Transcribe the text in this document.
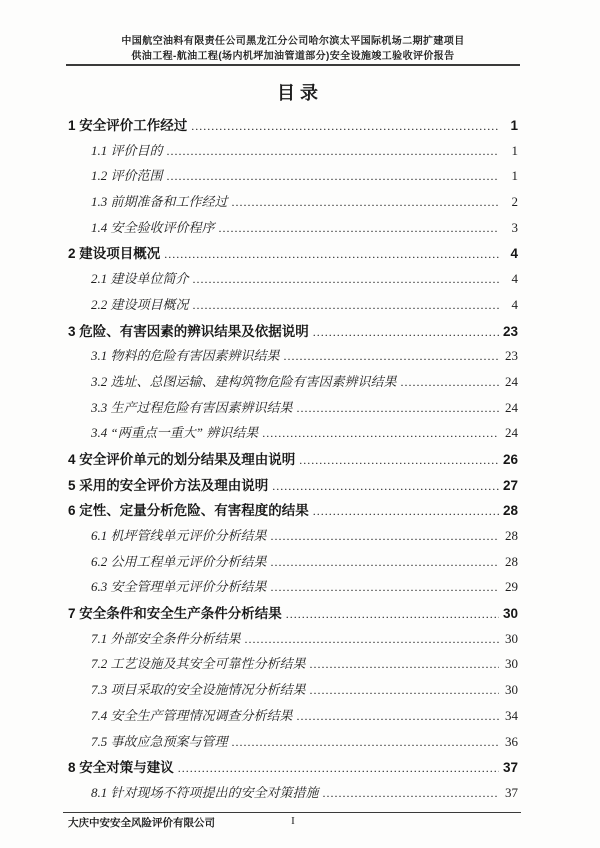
中国航空油料有限责任公司黑龙江分公司哈尔滨太平国际机场二期扩建项目
供油工程-航油工程(场内机坪加油管道部分)安全设施竣工验收评价报告
目录
1 安全评价工作经过 .....	1
1.1 评价目的 .....	1
1.2 评价范围 .....	1
1.3 前期准备和工作经过 .....	2
1.4 安全验收评价程序 .....	3
2 建设项目概况 .....	4
2.1 建设单位简介 .....	4
2.2 建设项目概况 .....	4
3 危险、有害因素的辨识结果及依据说明 .....	23
3.1 物料的危险有害因素辨识结果 .....	23
3.2 选址、总图运输、建构筑物危险有害因素辨识结果 .....	24
3.3 生产过程危险有害因素辨识结果 .....	24
3.4 “两重点一重大” 辨识结果 .....	24
4 安全评价单元的划分结果及理由说明 .....	26
5 采用的安全评价方法及理由说明 .....	27
6 定性、定量分析危险、有害程度的结果 .....	28
6.1 机坪管线单元评价分析结果 .....	28
6.2 公用工程单元评价分析结果 .....	28
6.3 安全管理单元评价分析结果 .....	29
7 安全条件和安全生产条件分析结果 .....	30
7.1 外部安全条件分析结果 .....	30
7.2 工艺设施及其安全可靠性分析结果 .....	30
7.3 项目采取的安全设施情况分析结果 .....	30
7.4 安全生产管理情况调查分析结果 .....	34
7.5 事故应急预案与管理 .....	36
8 安全对策与建议 .....	37
8.1 针对现场不符项提出的安全对策措施 .....	37
大庆中安安全风险评价有限公司	I
